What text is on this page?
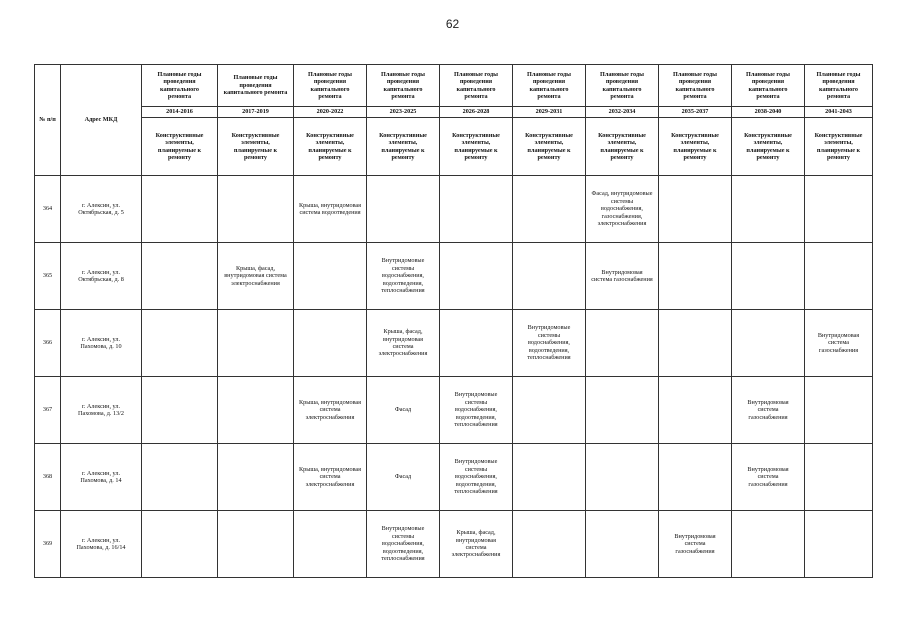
62
№ п/п	Адрес МКД	Плановые годы
проведения
капитального
ремонта	Плановые годы
проведения
капитального ремонта	Плановые годы
проведения
капитального
ремонта	Плановые годы
проведения
капитального
ремонта	Плановые годы
проведения
капитального
ремонта	Плановые годы
проведения
капитального
ремонта	Плановые годы
проведения
капитального
ремонта	Плановые годы
проведения
капитального
ремонта	Плановые годы
проведения
капитального
ремонта	Плановые годы
проведения
капитального
ремонта
		2014-2016	2017-2019	2020-2022	2023-2025	2026-2028	2029-2031	2032-2034	2035-2037	2038-2040	2041-2043
		Конструктивные
элементы,
планируемые к
ремонту	Конструктивные
элементы,
планируемые к
ремонту	Конструктивные
элементы,
планируемые к
ремонту	Конструктивные
элементы,
планируемые к
ремонту	Конструктивные
элементы,
планируемые к
ремонту	Конструктивные
элементы,
планируемые к
ремонту	Конструктивные
элементы,
планируемые к
ремонту	Конструктивные
элементы,
планируемые к
ремонту	Конструктивные
элементы,
планируемые к
ремонту	Конструктивные
элементы,
планируемые к
ремонту
364	г. Алексин, ул.
Октябрьская, д. 5			Крыша, внутридомовая
система водоотведения				Фасад, внутридомовые
системы
водоснабжения,
газоснабжения,
электроснабжения			
365	г. Алексин, ул.
Октябрьская, д. 8		Крыша, фасад,
внутридомовая система
электроснабжения		Внутридомовые
системы
водоснабжения,
водоотведения,
теплоснабжения			Внутридомовая
система газоснабжения			
366	г. Алексин, ул.
Пахомова, д. 10				Крыша, фасад,
внутридомовая
система
электроснабжения		Внутридомовые
системы
водоснабжения,
водоотведения,
теплоснабжения				Внутридомовая
система
газоснабжения
367	г. Алексин, ул.
Пахомова, д. 13/2			Крыша, внутридомовая
система
электроснабжения	Фасад	Внутридомовые
системы
водоснабжения,
водоотведения,
теплоснабжения				Внутридомовая
система
газоснабжения	
368	г. Алексин, ул.
Пахомова, д. 14			Крыша, внутридомовая
система
электроснабжения	Фасад	Внутридомовые
системы
водоснабжения,
водоотведения,
теплоснабжения				Внутридомовая
система
газоснабжения	
369	г. Алексин, ул.
Пахомова, д. 16/14				Внутридомовые
системы
водоснабжения,
водоотведения,
теплоснабжения	Крыша, фасад,
внутридомовая
система
электроснабжения			Внутридомовая
система
газоснабжения		
